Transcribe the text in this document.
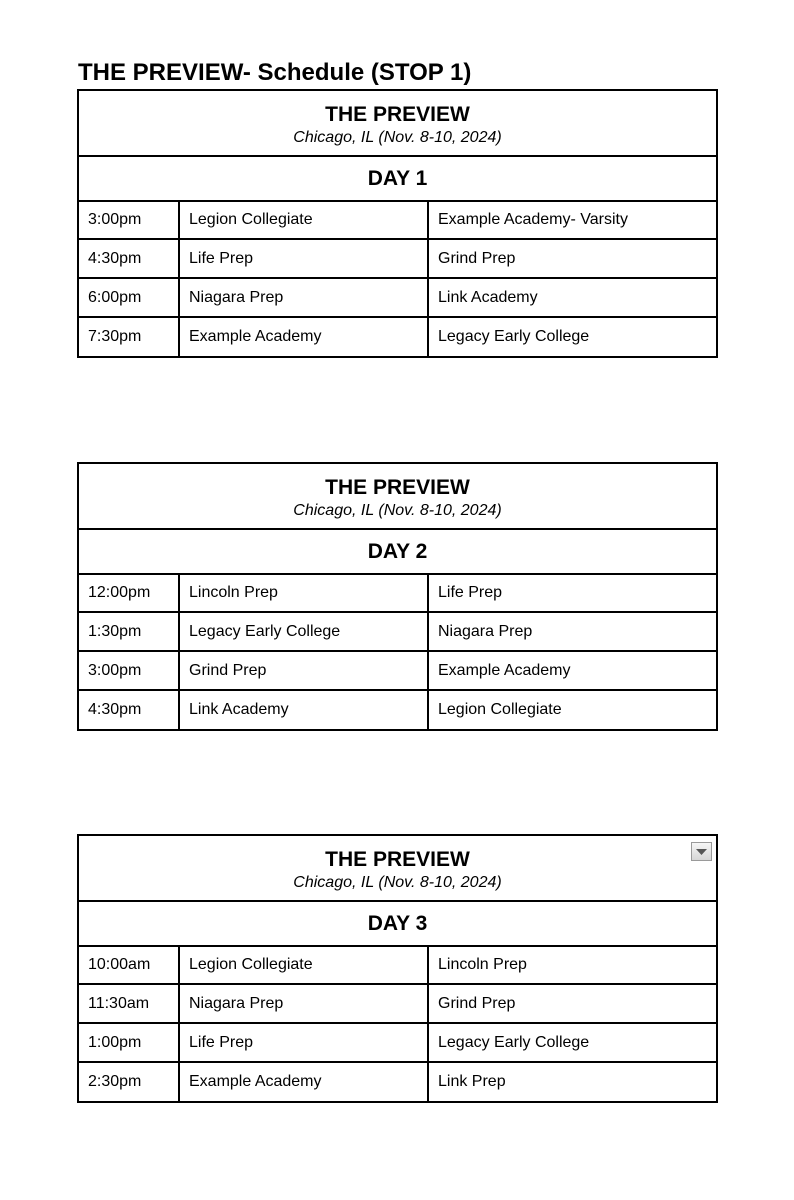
THE PREVIEW- Schedule (STOP 1)
THE PREVIEW
Chicago, IL (Nov. 8-10, 2024)
DAY 1
3:00pm	Legion Collegiate	Example Academy- Varsity
4:30pm	Life Prep	Grind Prep
6:00pm	Niagara Prep	Link Academy
7:30pm	Example Academy	Legacy Early College
THE PREVIEW
Chicago, IL (Nov. 8-10, 2024)
DAY 2
12:00pm	Lincoln Prep	Life Prep
1:30pm	Legacy Early College	Niagara Prep
3:00pm	Grind Prep	Example Academy
4:30pm	Link Academy	Legion Collegiate
THE PREVIEW
Chicago, IL (Nov. 8-10, 2024)
DAY 3
10:00am	Legion Collegiate	Lincoln Prep
11:30am	Niagara Prep	Grind Prep
1:00pm	Life Prep	Legacy Early College
2:30pm	Example Academy	Link Prep
